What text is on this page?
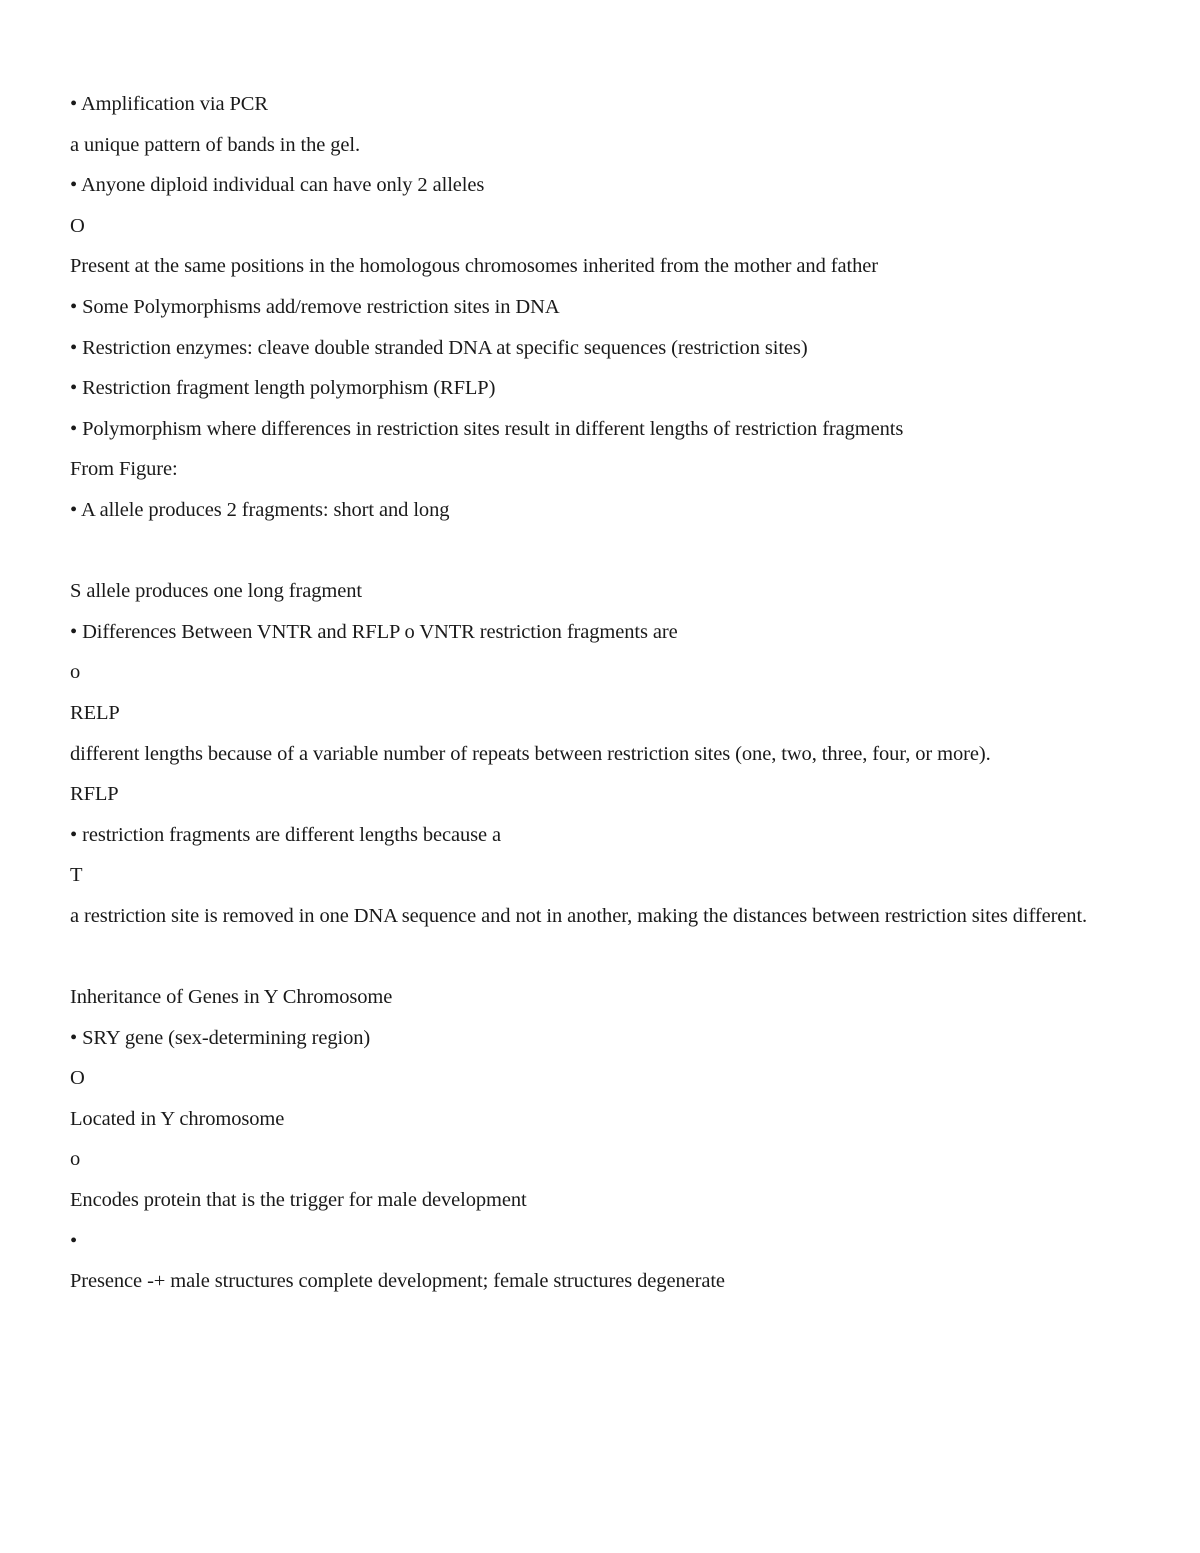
• Amplification via PCR

a unique pattern of bands in the gel.

• Anyone diploid individual can have only 2 alleles

O

Present at the same positions in the homologous chromosomes inherited from the mother and father

• Some Polymorphisms add/remove restriction sites in DNA

• Restriction enzymes: cleave double stranded DNA at specific sequences (restriction sites)

• Restriction fragment length polymorphism (RFLP)

• Polymorphism where differences in restriction sites result in different lengths of restriction fragments

From Figure:

• A allele produces 2 fragments: short and long

S allele produces one long fragment

• Differences Between VNTR and RFLP o VNTR restriction fragments are

o

RELP

different lengths because of a variable number of repeats between restriction sites (one, two, three, four, or more).

RFLP

• restriction fragments are different lengths because a

T

a restriction site is removed in one DNA sequence and not in another, making the distances between restriction sites different.

Inheritance of Genes in Y Chromosome

• SRY gene (sex-determining region)

O

Located in Y chromosome

o

Encodes protein that is the trigger for male development

•

Presence -+ male structures complete development; female structures degenerate
